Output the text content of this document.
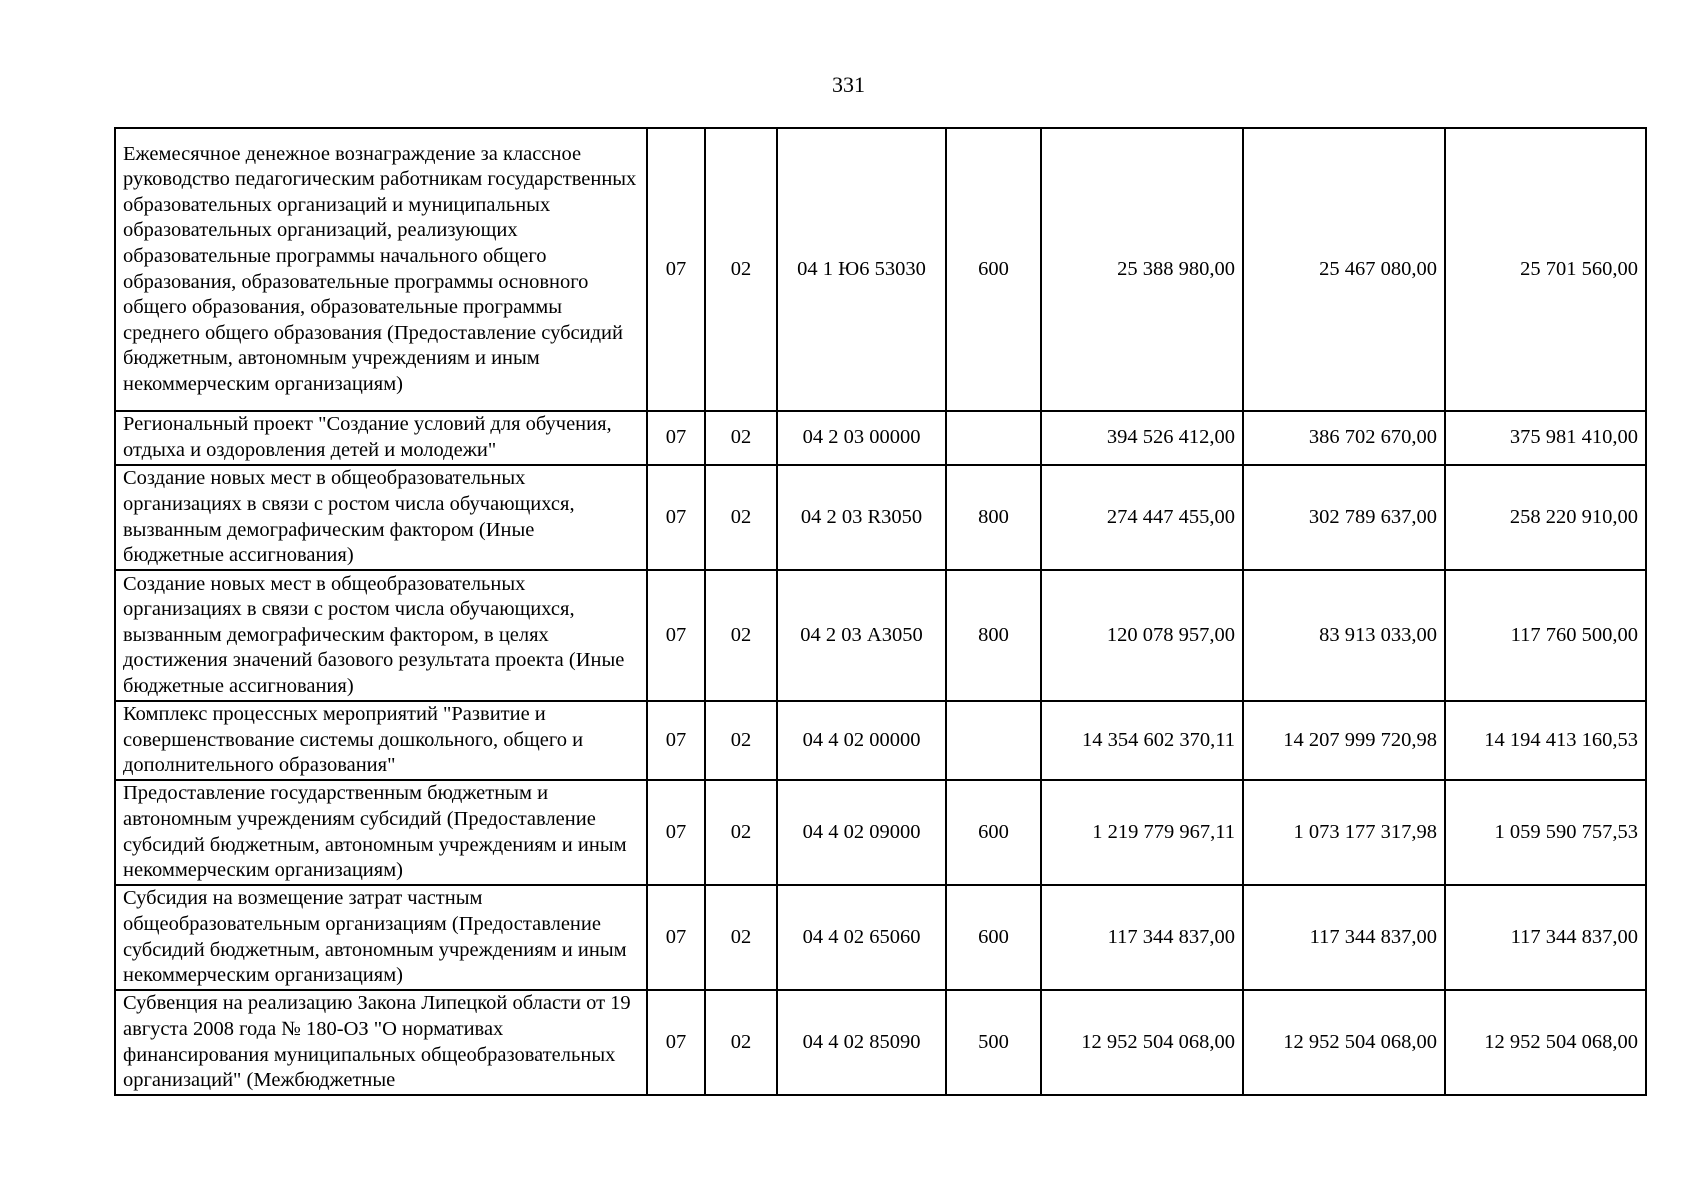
331
Ежемесячное денежное вознаграждение за классное руководство педагогическим работникам государственных образовательных организаций и муниципальных образовательных организаций, реализующих образовательные программы начального общего образования, образовательные программы основного общего образования, образовательные программы среднего общего образования (Предоставление субсидий бюджетным, автономным учреждениям и иным некоммерческим организациям)	07	02	04 1 Ю6 53030	600	25 388 980,00	25 467 080,00	25 701 560,00
Региональный проект "Создание условий для обучения, отдыха и оздоровления детей и молодежи"	07	02	04 2 03 00000		394 526 412,00	386 702 670,00	375 981 410,00
Создание новых мест в общеобразовательных организациях в связи с ростом числа обучающихся, вызванным демографическим фактором (Иные бюджетные ассигнования)	07	02	04 2 03 R3050	800	274 447 455,00	302 789 637,00	258 220 910,00
Создание новых мест в общеобразовательных организациях в связи с ростом числа обучающихся, вызванным демографическим фактором, в целях достижения значений базового результата проекта (Иные бюджетные ассигнования)	07	02	04 2 03 А3050	800	120 078 957,00	83 913 033,00	117 760 500,00
Комплекс процессных мероприятий "Развитие и совершенствование системы дошкольного, общего и дополнительного образования"	07	02	04 4 02 00000		14 354 602 370,11	14 207 999 720,98	14 194 413 160,53
Предоставление государственным бюджетным и автономным учреждениям субсидий (Предоставление субсидий бюджетным, автономным учреждениям и иным некоммерческим организациям)	07	02	04 4 02 09000	600	1 219 779 967,11	1 073 177 317,98	1 059 590 757,53
Субсидия на возмещение затрат частным общеобразовательным организациям (Предоставление субсидий бюджетным, автономным учреждениям и иным некоммерческим организациям)	07	02	04 4 02 65060	600	117 344 837,00	117 344 837,00	117 344 837,00
Субвенция на реализацию Закона Липецкой области от 19 августа 2008 года № 180-ОЗ "О нормативах финансирования муниципальных общеобразовательных организаций" (Межбюджетные	07	02	04 4 02 85090	500	12 952 504 068,00	12 952 504 068,00	12 952 504 068,00
